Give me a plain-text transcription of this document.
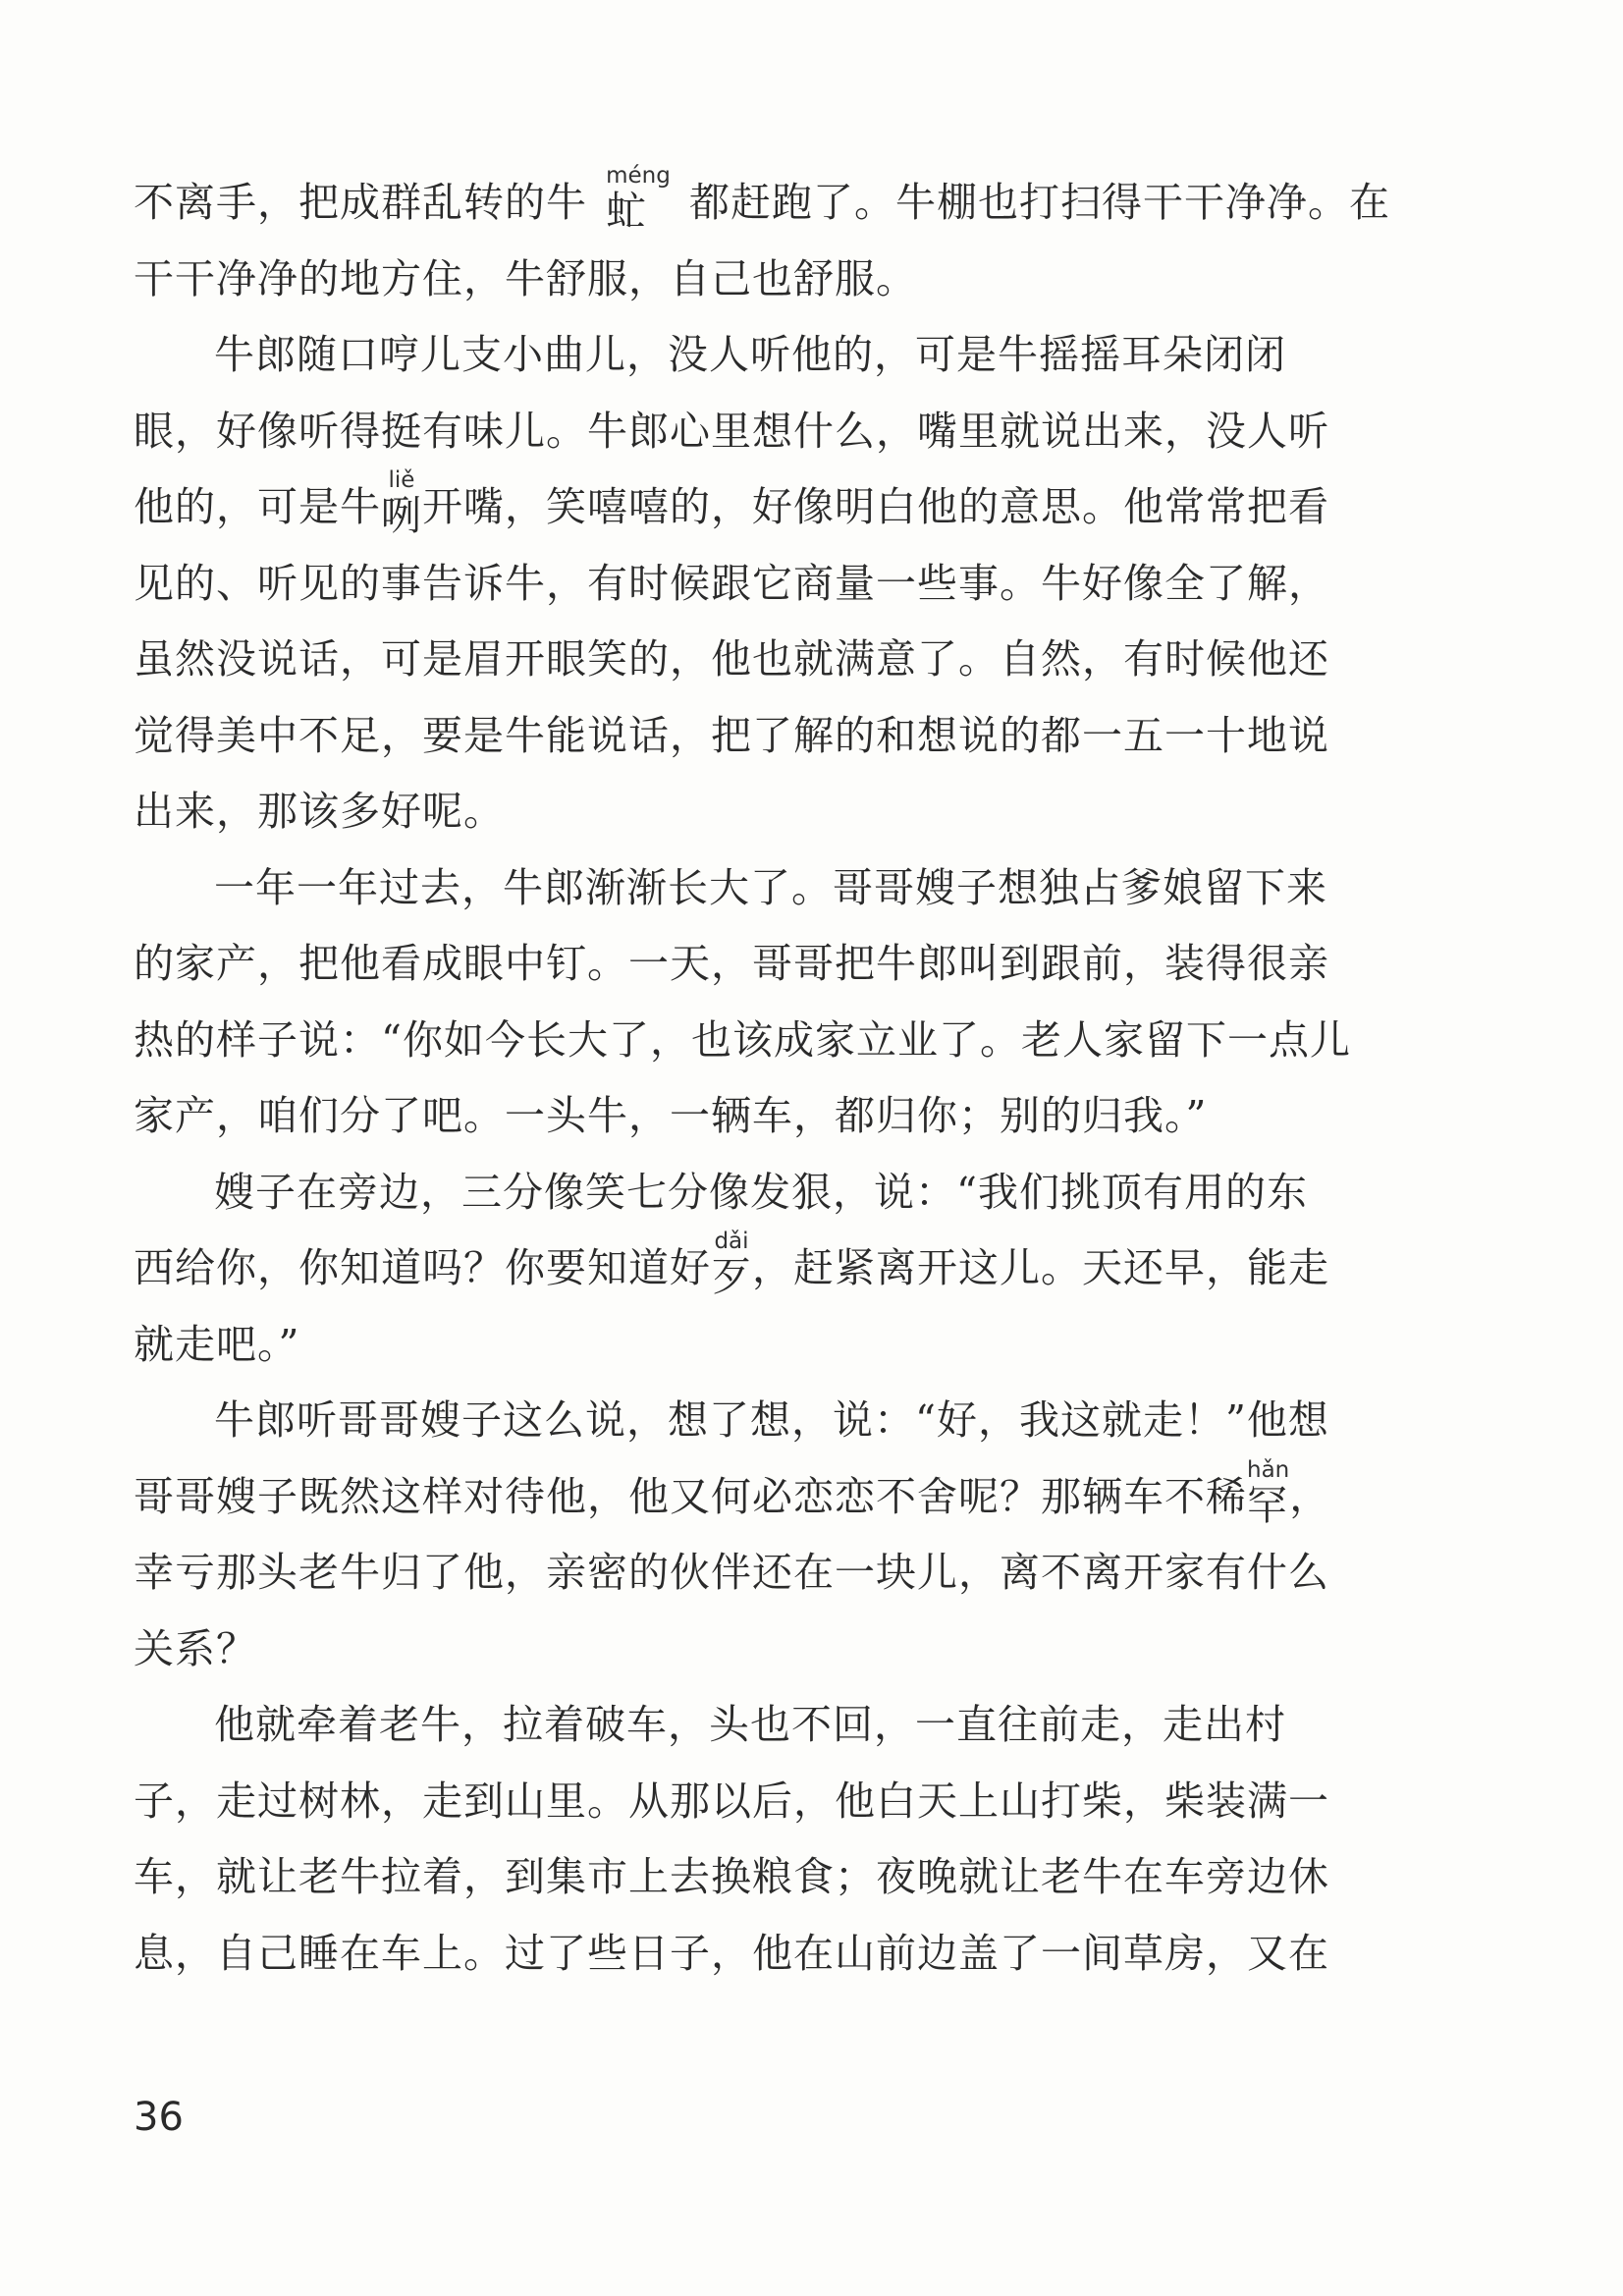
不离手，把成群乱转的牛 虻méng
都赶跑了。牛棚也打扫得干干净净。在
干干净净的地方住，牛舒服，自己也舒服。
牛郎随口哼儿支小曲儿，没人听他的，可是牛摇摇耳朵闭闭
眼，好像听得挺有味儿。牛郎心里想什么，嘴里就说出来，没人听
他的，可是牛 咧liě
开嘴，笑嘻嘻的，好像明白他的意思。他常常把看
见的、听见的事告诉牛，有时候跟它商量一些事。牛好像全了解，
虽然没说话，可是眉开眼笑的，他也就满意了。自然，有时候他还
觉得美中不足，要是牛能说话，把了解的和想说的都一五一十地说
出来，那该多好呢。
一年一年过去，牛郎渐渐长大了。哥哥嫂子想独占爹娘留下来
的家产，把他看成眼中钉。一天，哥哥把牛郎叫到跟前，装得很亲
热的样子说：“你如今长大了，也该成家立业了。老人家留下一点儿
家产，咱们分了吧。一头牛，一辆车，都归你；别的归我。”
嫂子在旁边，三分像笑七分像发狠，说：“我们挑顶有用的东
西给你，你知道吗？你要知道好 歹dǎi
，赶紧离开这儿。天还早，能走
就走吧。”
牛郎听哥哥嫂子这么说，想了想，说：“好，我这就走！”他想
哥哥嫂子既然这样对待他，他又何必恋恋不舍呢？那辆车不稀 罕hǎn
，
幸亏那头老牛归了他，亲密的伙伴还在一块儿，离不离开家有什么
关系？
他就牵着老牛，拉着破车，头也不回，一直往前走，走出村
子，走过树林，走到山里。从那以后，他白天上山打柴，柴装满一
车，就让老牛拉着，到集市上去换粮食；夜晚就让老牛在车旁边休
息，自己睡在车上。过了些日子，他在山前边盖了一间草房，又在
36
